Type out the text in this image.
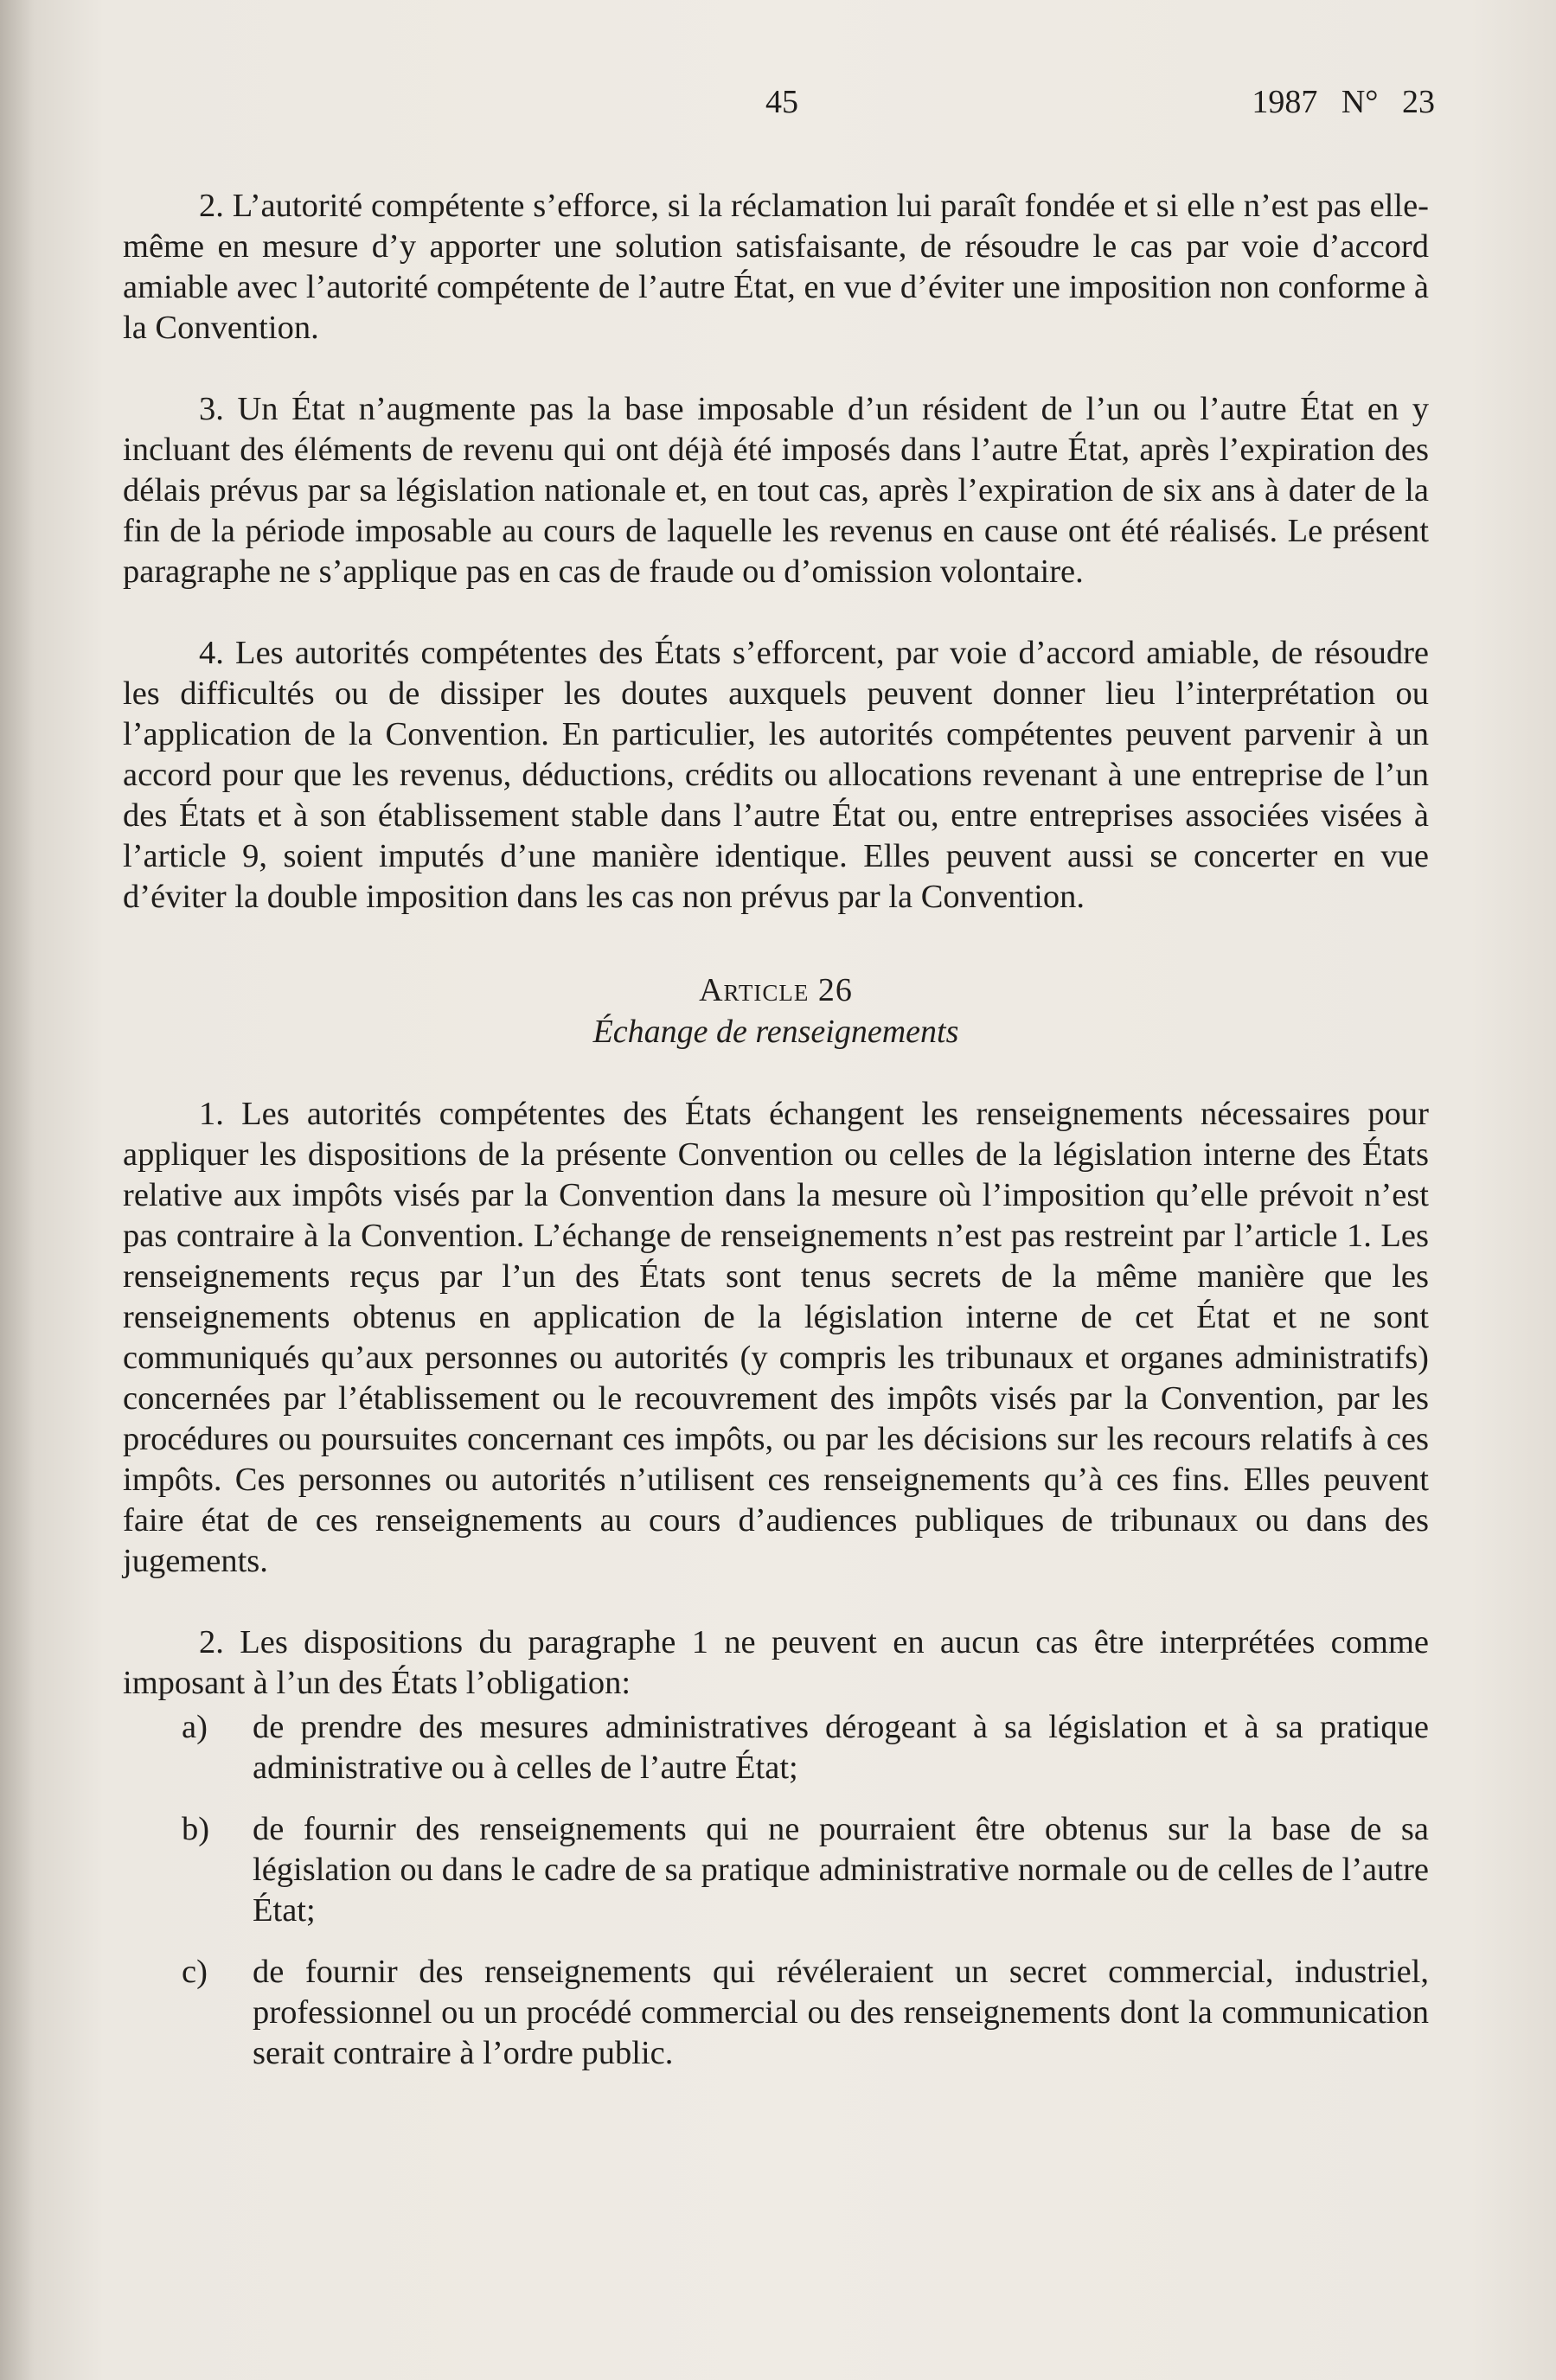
45	1987 N° 23

2. L’autorité compétente s’efforce, si la réclamation lui paraît fondée et si elle n’est pas elle-même en mesure d’y apporter une solution satisfaisante, de résoudre le cas par voie d’accord amiable avec l’autorité compétente de l’autre État, en vue d’éviter une imposition non conforme à la Convention.

3. Un État n’augmente pas la base imposable d’un résident de l’un ou l’autre État en y incluant des éléments de revenu qui ont déjà été imposés dans l’autre État, après l’expiration des délais prévus par sa législation nationale et, en tout cas, après l’expiration de six ans à dater de la fin de la période imposable au cours de laquelle les revenus en cause ont été réalisés. Le présent paragraphe ne s’applique pas en cas de fraude ou d’omission volontaire.

4. Les autorités compétentes des États s’efforcent, par voie d’accord amiable, de résoudre les difficultés ou de dissiper les doutes auxquels peuvent donner lieu l’interprétation ou l’application de la Convention. En particulier, les autorités compétentes peuvent parvenir à un accord pour que les revenus, déductions, crédits ou allocations revenant à une entreprise de l’un des États et à son établissement stable dans l’autre État ou, entre entreprises associées visées à l’article 9, soient imputés d’une manière identique. Elles peuvent aussi se concerter en vue d’éviter la double imposition dans les cas non prévus par la Convention.

Article 26
Échange de renseignements

1. Les autorités compétentes des États échangent les renseignements nécessaires pour appliquer les dispositions de la présente Convention ou celles de la législation interne des États relative aux impôts visés par la Convention dans la mesure où l’imposition qu’elle prévoit n’est pas contraire à la Convention. L’échange de renseignements n’est pas restreint par l’article 1. Les renseignements reçus par l’un des États sont tenus secrets de la même manière que les renseignements obtenus en application de la législation interne de cet État et ne sont communiqués qu’aux personnes ou autorités (y compris les tribunaux et organes administratifs) concernées par l’établissement ou le recouvrement des impôts visés par la Convention, par les procédures ou poursuites concernant ces impôts, ou par les décisions sur les recours relatifs à ces impôts. Ces personnes ou autorités n’utilisent ces renseignements qu’à ces fins. Elles peuvent faire état de ces renseignements au cours d’audiences publiques de tribunaux ou dans des jugements.

2. Les dispositions du paragraphe 1 ne peuvent en aucun cas être interprétées comme imposant à l’un des États l’obligation:

a)	de prendre des mesures administratives dérogeant à sa législation et à sa pratique administrative ou à celles de l’autre État;
b)	de fournir des renseignements qui ne pourraient être obtenus sur la base de sa législation ou dans le cadre de sa pratique administrative normale ou de celles de l’autre État;
c)	de fournir des renseignements qui révéleraient un secret commercial, industriel, professionnel ou un procédé commercial ou des renseignements dont la communication serait contraire à l’ordre public.
